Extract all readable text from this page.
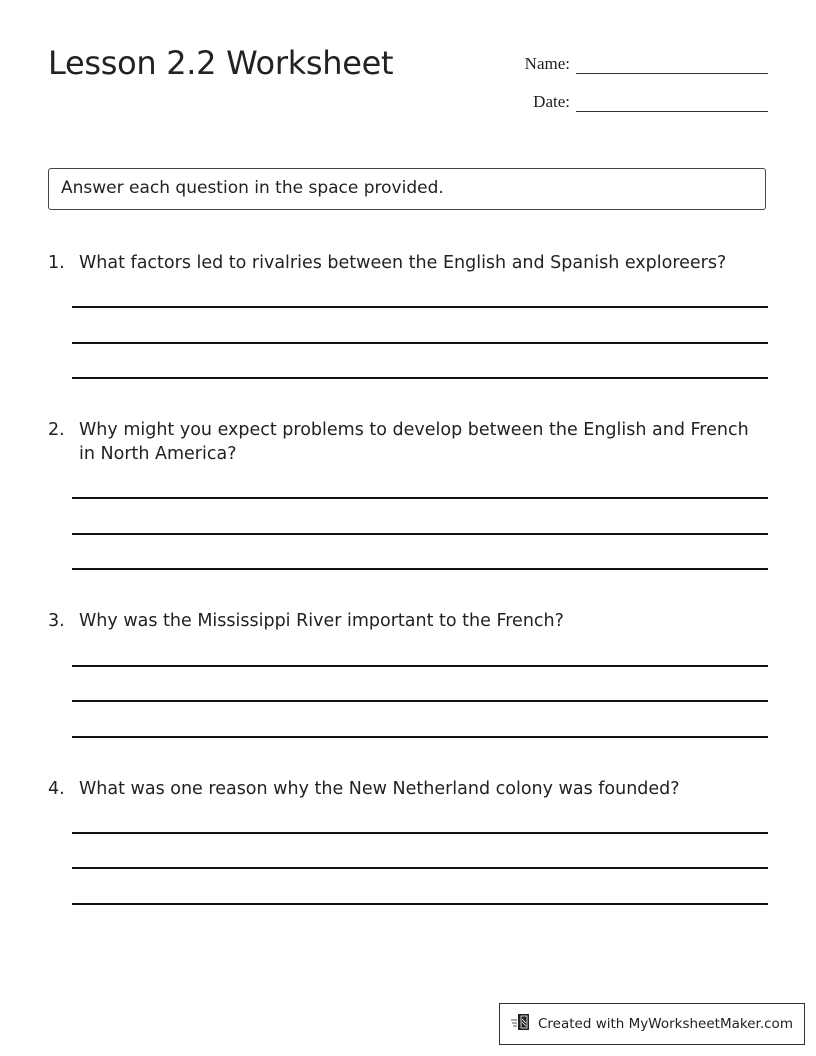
Lesson 2.2 Worksheet	Name:
Date:
Answer each question in the space provided.
1. What factors led to rivalries between the English and Spanish exploreers?
2. Why might you expect problems to develop between the English and French in North America?
3. Why was the Mississippi River important to the French?
4. What was one reason why the New Netherland colony was founded?
Created with MyWorksheetMaker.com
